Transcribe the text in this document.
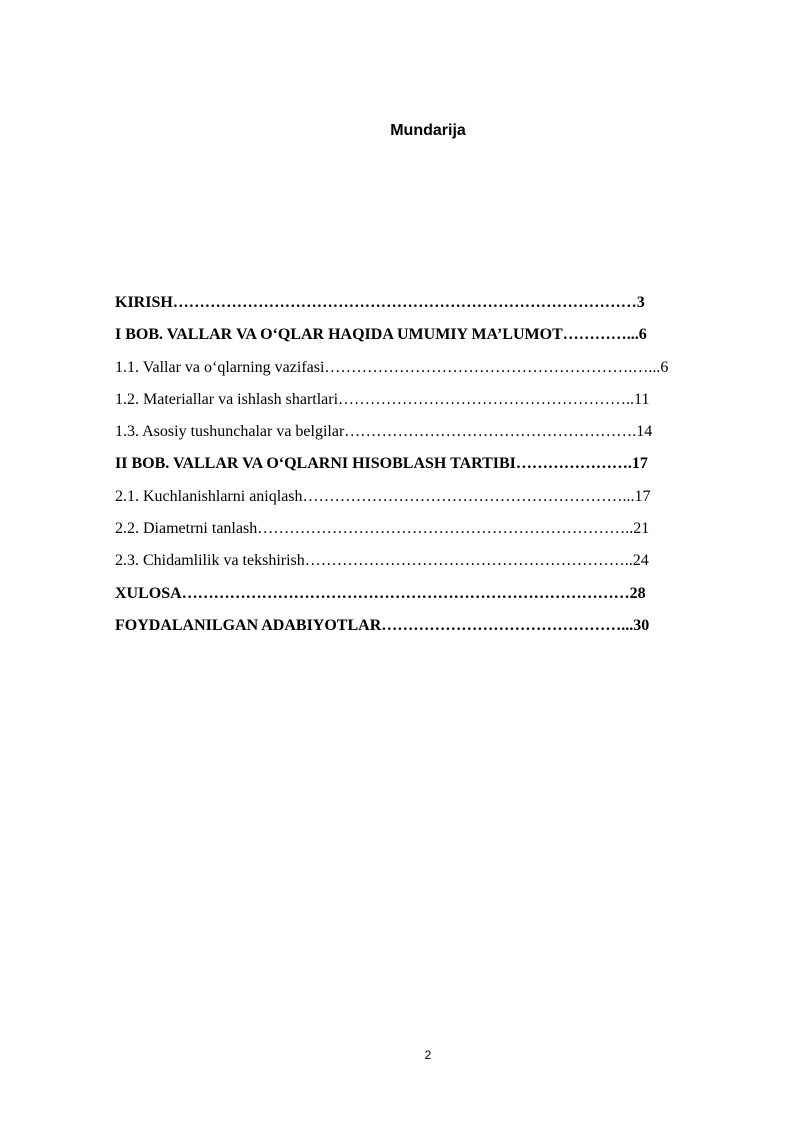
Mundarija
KIRISH……………………………………………………………………………3
I BOB. VALLAR VA O‘QLAR HAQIDA UMUMIY MA’LUMOT…………...6
1.1. Vallar va o‘qlarning vazifasi………………………………………………….…...6
1.2. Materiallar va ishlash shartlari………………………………………………..11
1.3. Asosiy tushunchalar va belgilar……………………………………………….14
II BOB. VALLAR VA O‘QLARNI HISOBLASH TARTIBI………………….17
2.1. Kuchlanishlarni aniqlash……………………………………………………...17
2.2. Diametrni tanlash……………………………………………………………..21
2.3. Chidamlilik va tekshirish……………………………………………………..24
XULOSA…………………………………………………………………………28
FOYDALANILGAN ADABIYOTLAR………………………………………...30
2
